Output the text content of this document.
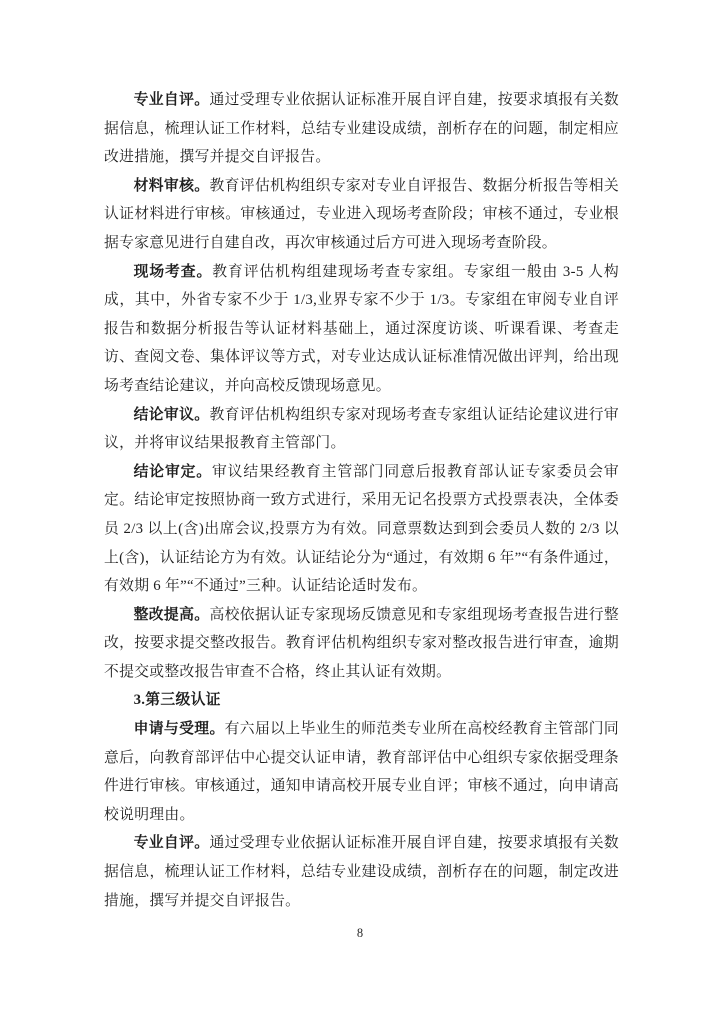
专业自评。通过受理专业依据认证标准开展自评自建，按要求填报有关数据信息，梳理认证工作材料，总结专业建设成绩，剖析存在的问题，制定相应改进措施，撰写并提交自评报告。

材料审核。教育评估机构组织专家对专业自评报告、数据分析报告等相关认证材料进行审核。审核通过，专业进入现场考查阶段；审核不通过，专业根据专家意见进行自建自改，再次审核通过后方可进入现场考查阶段。

现场考查。教育评估机构组建现场考查专家组。专家组一般由 3-5 人构成，其中，外省专家不少于 1/3,业界专家不少于 1/3。专家组在审阅专业自评报告和数据分析报告等认证材料基础上，通过深度访谈、听课看课、考查走访、查阅文卷、集体评议等方式，对专业达成认证标准情况做出评判，给出现场考查结论建议，并向高校反馈现场意见。

结论审议。教育评估机构组织专家对现场考查专家组认证结论建议进行审议，并将审议结果报教育主管部门。

结论审定。审议结果经教育主管部门同意后报教育部认证专家委员会审定。结论审定按照协商一致方式进行，采用无记名投票方式投票表决，全体委员 2/3 以上(含)出席会议,投票方为有效。同意票数达到到会委员人数的 2/3 以上(含)，认证结论方为有效。认证结论分为“通过，有效期 6 年”“有条件通过，有效期 6 年”“不通过”三种。认证结论适时发布。

整改提高。高校依据认证专家现场反馈意见和专家组现场考查报告进行整改，按要求提交整改报告。教育评估机构组织专家对整改报告进行审查，逾期不提交或整改报告审查不合格，终止其认证有效期。

3.第三级认证

申请与受理。有六届以上毕业生的师范类专业所在高校经教育主管部门同意后，向教育部评估中心提交认证申请，教育部评估中心组织专家依据受理条件进行审核。审核通过，通知申请高校开展专业自评；审核不通过，向申请高校说明理由。

专业自评。通过受理专业依据认证标准开展自评自建，按要求填报有关数据信息，梳理认证工作材料，总结专业建设成绩，剖析存在的问题，制定改进措施，撰写并提交自评报告。

8
